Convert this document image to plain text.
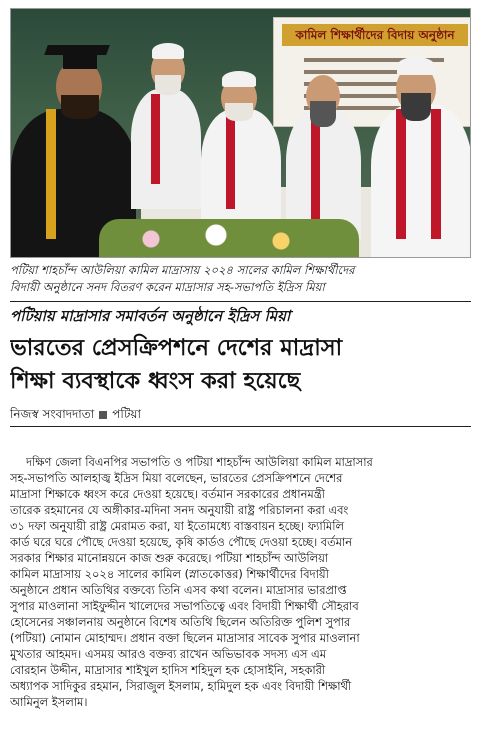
কামিল শিক্ষার্থীদের বিদায় অনুষ্ঠান
পটিয়া শাহচাঁন্দ আউলিয়া কামিল মাদ্রাসায় ২০২৪ সালের কামিল শিক্ষার্থীদের
বিদায়ী অনুষ্ঠানে সনদ বিতরণ করেন মাদ্রাসার সহ-সভাপতি ইদ্রিস মিয়া
পটিয়ায় মাদ্রাসার সমাবর্তন অনুষ্ঠানে ইদ্রিস মিয়া
ভারতের প্রেসক্রিপশনে দেশের মাদ্রাসা
শিক্ষা ব্যবস্থাকে ধ্বংস করা হয়েছে
নিজস্ব সংবাদদাতা পটিয়া
দক্ষিণ জেলা বিএনপির সভাপতি ও পটিয়া শাহচাঁন্দ আউলিয়া কামিল মাদ্রাসার
সহ-সভাপতি আলহাজ্ব ইদ্রিস মিয়া বলেছেন, ভারতের প্রেসক্রিপশনে দেশের
মাদ্রাসা শিক্ষাকে ধ্বংস করে দেওয়া হয়েছে। বর্তমান সরকারের প্রধানমন্ত্রী
তারেক রহমানের যে অঙ্গীকার-মদিনা সনদ অনুযায়ী রাষ্ট্র পরিচালনা করা এবং
৩১ দফা অনুযায়ী রাষ্ট্র মেরামত করা, যা ইতোমধ্যে বাস্তবায়ন হচ্ছে। ফ্যামিলি
কার্ড ঘরে ঘরে পৌছে দেওয়া হয়েছে, কৃষি কার্ডও পৌছে দেওয়া হচ্ছে। বর্তমান
সরকার শিক্ষার মানোন্নয়নে কাজ শুরু করেছে। পটিয়া শাহচাঁন্দ আউলিয়া
কামিল মাদ্রাসায় ২০২৪ সালের কামিল (স্নাতকোত্তর) শিক্ষার্থীদের বিদায়ী
অনুষ্ঠানে প্রধান অতিথির বক্তব্যে তিনি এসব কথা বলেন। মাদ্রাসার ভারপ্রাপ্ত
সুপার মাওলানা সাইফুদ্দীন খালেদের সভাপতিত্বে এবং বিদায়ী শিক্ষার্থী সৌহরাব
হোসেনের সঞ্চালনায় অনুষ্ঠানে বিশেষ অতিথি ছিলেন অতিরিক্ত পুলিশ সুপার
(পটিয়া) নোমান মোহাম্মদ। প্রধান বক্তা ছিলেন মাদ্রাসার সাবেক সুপার মাওলানা
মুখতার আহমদ। এসময় আরও বক্তব্য রাখেন অভিভাবক সদস্য এস এম
বোরহান উদ্দীন, মাদ্রাসার শাইখুল হাদিস শহিদুল হক হোসাইনি, সহকারী
অধ্যাপক সাদিকুর রহমান, সিরাজুল ইসলাম, হামিদুল হক এবং বিদায়ী শিক্ষার্থী
আমিনুল ইসলাম।
